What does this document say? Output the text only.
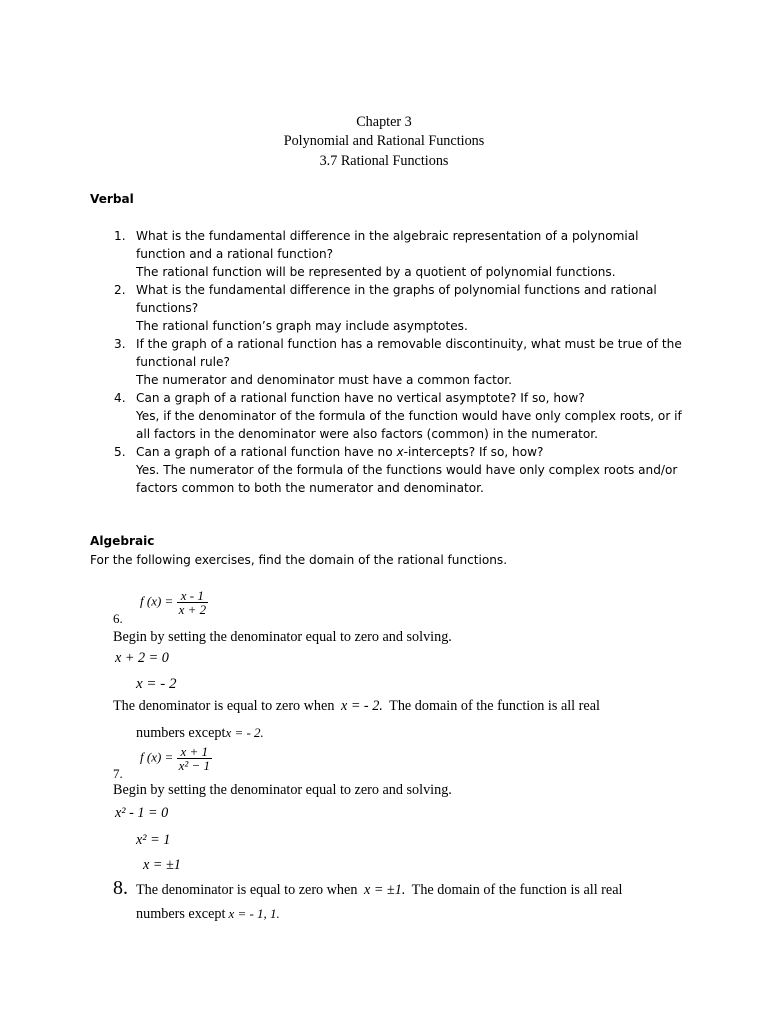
Chapter 3
Polynomial and Rational Functions
3.7 Rational Functions
Verbal
1. What is the fundamental difference in the algebraic representation of a polynomial function and a rational function?
The rational function will be represented by a quotient of polynomial functions.
2. What is the fundamental difference in the graphs of polynomial functions and rational functions?
The rational function’s graph may include asymptotes.
3. If the graph of a rational function has a removable discontinuity, what must be true of the functional rule?
The numerator and denominator must have a common factor.
4. Can a graph of a rational function have no vertical asymptote? If so, how?
Yes, if the denominator of the formula of the function would have only complex roots, or if all factors in the denominator were also factors (common) in the numerator.
5. Can a graph of a rational function have no x-intercepts? If so, how?
Yes. The numerator of the formula of the functions would have only complex roots and/or factors common to both the numerator and denominator.
Algebraic
For the following exercises, find the domain of the rational functions.
6.
f $(x) = \frac{x - 1}{x + 2}$
Begin by setting the denominator equal to zero and solving.
x + 2 = 0
x = - 2
The denominator is equal to zero when x = - 2. The domain of the function is all real
numbers exceptx = - 2.
7.
f $(x) = \frac{x + 1}{\text{x² − 1}}$
Begin by setting the denominator equal to zero and solving.
x² - 1 = 0
x² = 1
x = ±1
8. The denominator is equal to zero when x = ±1. The domain of the function is all real
numbers except x = - 1, 1.
